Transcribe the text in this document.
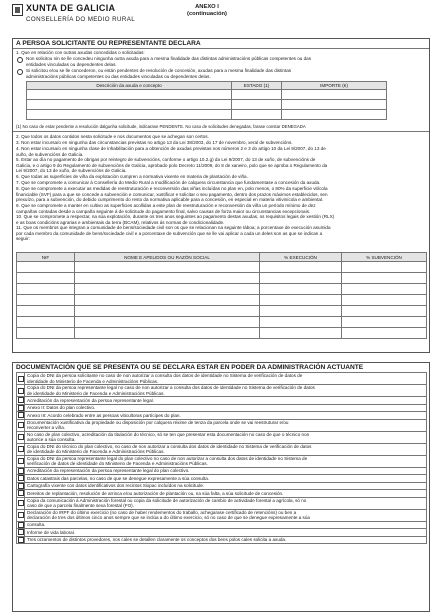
XUNTA DE GALICIA
CONSELLERÍA DO MEDIO RURAL
ANEXO I
(continuación)
A PERSOA SOLICITANTE OU REPRESENTANTE DECLARA
1. Que en relación con outras axudas concedidas o solicitadas:
Non solicitou nin se lle concedeu ningunha outra axuda para a mesma finalidade das distintas administracións públicas competentes ou das
entidades vinculadas ou dependentes delas.
Si solicitou e/ou se lle concederon, ou están pendentes de resolución de concesión, axudas para a mesma finalidade das distintas
administracións públicas competentes ou das entidades vinculadas ou dependentes delas.
Descrición da axuda e concepto	ESTADO (1)	IMPORTE (€)

(1) No caso de estar pendente a resolución dalgunha solicitude, indicarase PENDENTE. No caso de solicitudes denegadas, farase constar DENEGADA
2. Que todos os datos contidos nesta solicitude e nos documentos que se achegan son certos.
3. Non estar incursa/o en ningunha das circunstancias previstas no artigo 13 da Lei 38/2003, do 17 de novembro, xeral de subvencións.
4. Non estar incursa/o en ningunha clase de inhabilitación para a obtención de axudas previstas nos números 2 e 3 do artigo 10 da Lei 9/2007, do 13 de
xuño, de subvencións de Galicia.
5. Estar ao día no pagamento de obrigas por reintegro de subvencións, conforme o artigo 10.2.g) da Lei 9/2007, do 13 de xuño, de subvencións de
Galicia, e o artigo 9 do Regulamento de subvencións de Galicia, aprobado polo Decreto 11/2009, do 8 de xaneiro, polo que se aproba o Regulamento da
Lei 9/2007, do 13 de xuño, de subvencións de Galicia.
6. Que todas as superficies de viña da explotación cumpren a normativa vixente en materia de plantación de viña.
7. Que se compromete a comunicar á Consellería do Medio Rural a modificación de calquera circunstancia que fundamentase a concesión da axuda.
8. Que se compromete a executar as medidas de reestruturación e reconversión das viñas incluídas no plan en, polo menos, o 80% da superficie vitícola
financiable (SVF) para a que se concede a subvención e comunicar, xustificar e solicitar o seu pagamento, dentro dos prazos máximos establecidos, sen
prexuízo, para a subvención, do debido cumprimento do resto da normativa aplicable para a concesión, en especial en materia vitivinícola e ambiental.
9. Que se compromete a manter en cultivo as superficies acollidas a este plan de reestruturación e reconversión da viña un período mínimo de dez
campañas contadas desde a campaña seguinte á de solicitude do pagamento final, salvo causas de forza maior ou circunstancias excepcionais.
10. Que se compromete a respectar, na súa explotación, durante os tres anos seguintes ao pagamento destas axudas, os requisitos legais de xestión (RLX)
e as boas condicións agrarias e ambientais da terra (BCAM), relativos ás normas de condicionalidade.
11. Que os membros que integran a comunidade de bens/sociedade civil son os que se relacionan na seguinte táboa; a porcentaxe de execución asumida
por cada membro da comunidade de bens/sociedade civil e a porcentaxe de subvención que se lle vai aplicar a cada un deles son as que se indican a
seguir:
NIF	NOME E APELIDOS OU RAZÓN SOCIAL	% EXECUCIÓN	% SUBVENCIÓN

DOCUMENTACIÓN QUE SE PRESENTA OU SE DECLARA ESTAR EN PODER DA ADMINISTRACIÓN ACTUANTE

	Copia do DNI da persoa solicitante no caso de non autorizar a consulta dos datos de identidade no Sistema de verificación de datos de
identidade do Ministerio de Facenda e Administracións Públicas.

	Copia do DNI da persoa representante legal no caso de non autorizar a consulta dos datos de identidade no Sistema de verificación de datos
de identidade do Ministerio de Facenda e Administracións Públicas.

	Acreditación da representación da persoa representante legal.

	Anexo II: Datos do plan colectivo.

	Anexo III: Acordo celebrado entre as persoas viticultoras partícipes do plan.

	Documentación xustificativa da propiedade ou disposición por calquera réxime de tenza da parcela onde se vai reestruturar e/ou
reconverter a viña.

	No caso de plan colectivo, acreditación da titulación do técnico, só se ten que presentar esta documentación no caso de que o técnico non
autorice a súa consulta.

	Copia do DNI do técnico do plan colectivo, no caso de non autorizar a consulta dos datos de identidade no Sistema de verificación de datos
de identidade do Ministerio de Facenda e Administracións Públicas.

	Copia do DNI da persoa representante legal do plan colectivo no caso de non autorizar a consulta dos datos de identidade no Sistema de
verificación de datos de identidade do Ministerio de Facenda e Administracións Públicas.

	Acreditación da representación da persoa representante legal do plan colectivo.

	Datos catastrais das parcelas, no caso de que se denegue expresamente a súa consulta.

	Cartografía vixente cos datos identificativos dos recintos Sixpac incluídos na solicitude.

	Dereitos de replantación, resolución de arrinca e/ou autorización de plantación ou, na súa falta, a súa solicitude de concesión.

	Copia da comunicación á Administración forestal ou copia da solicitude de autorización de cambio de actividade forestal a agrícola, só no
caso de que a parcela finalmente sexa forestal (FO).

	Declaración do IRPF do último exercicio (no caso de haber rendementos do traballo, achegarase certificado de retencións) ou ben a
declaración de tres dos últimos cinco anos sempre que se inclúa a do último exercicio, só no caso de que se denegue expresamente a súa

	consulta.

	Informe de vida laboral.

	Tres orzamentos de distintos provedores, nos cales se detallen claramente os conceptos dos bens polos cales solicita a axuda.
